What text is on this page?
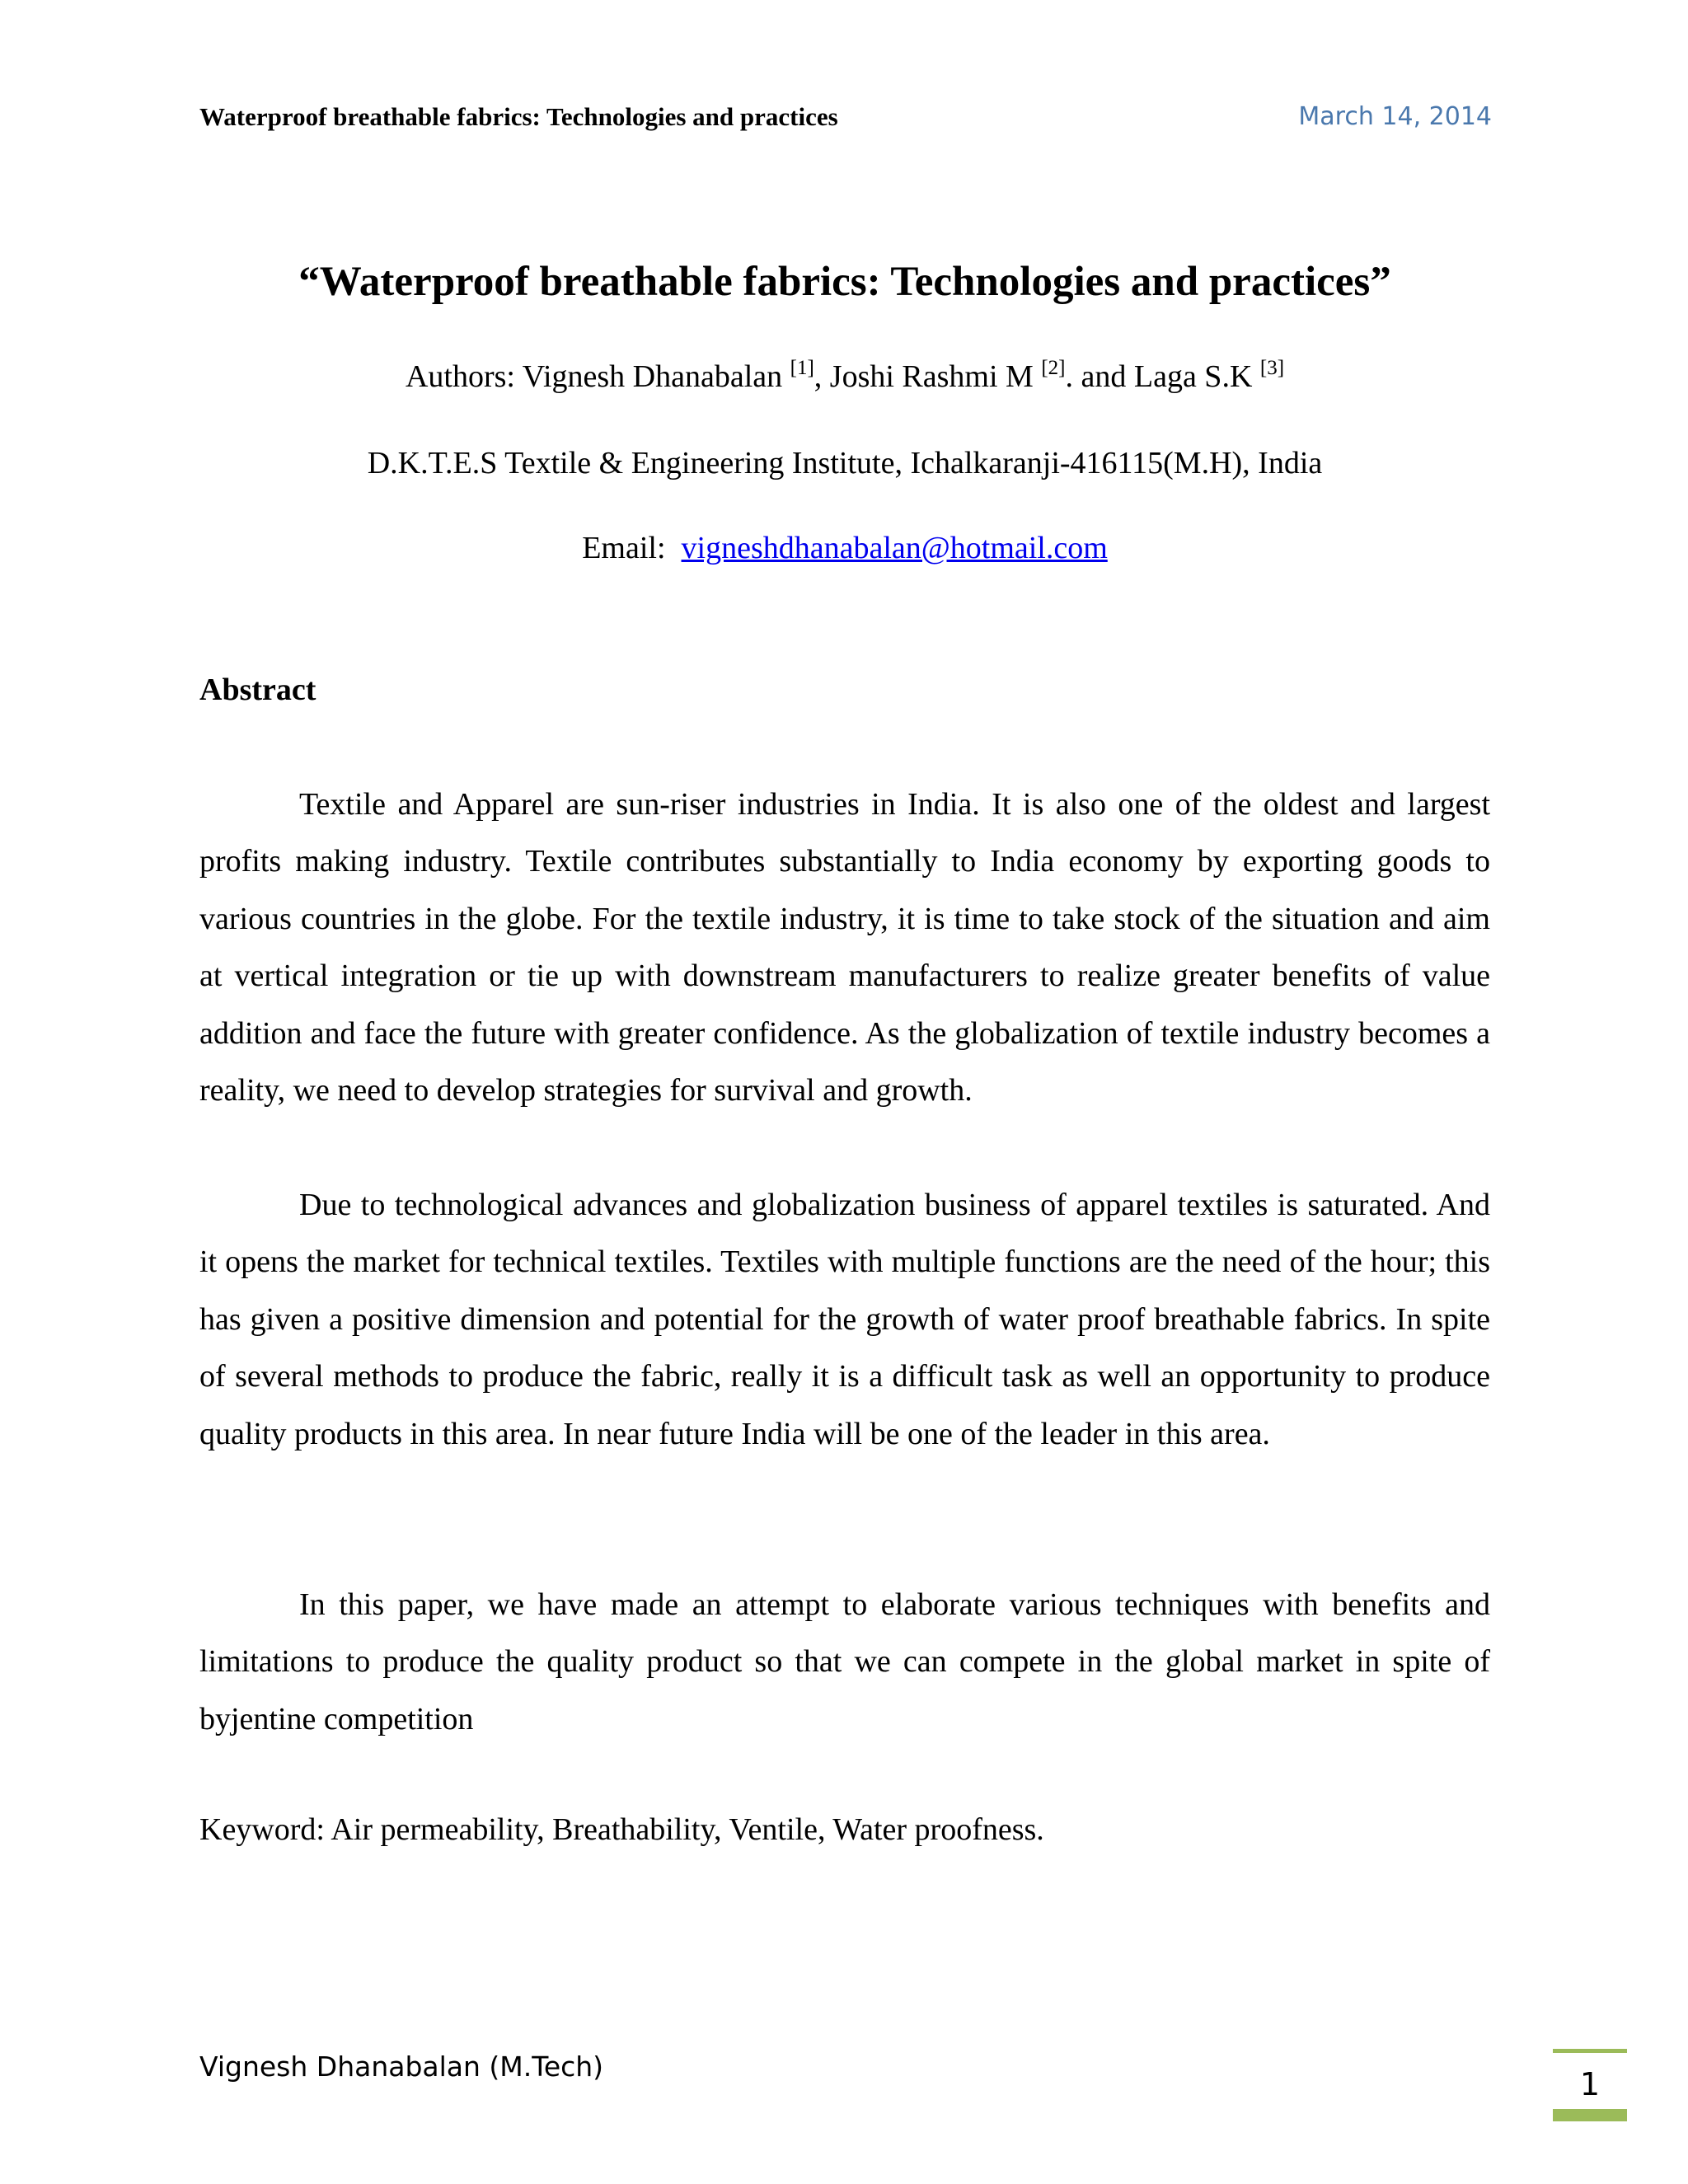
Waterproof breathable fabrics: Technologies and practices	March 14, 2014
“Waterproof breathable fabrics: Technologies and practices”
Authors: Vignesh Dhanabalan [1], Joshi Rashmi M [2]. and Laga S.K [3]
D.K.T.E.S Textile & Engineering Institute, Ichalkaranji-416115(M.H), India
Email: vigneshdhanabalan@hotmail.com
Abstract

Textile and Apparel are sun-riser industries in India. It is also one of the oldest and largest profits making industry. Textile contributes substantially to India economy by exporting goods to various countries in the globe. For the textile industry, it is time to take stock of the situation and aim at vertical integration or tie up with downstream manufacturers to realize greater benefits of value addition and face the future with greater confidence. As the globalization of textile industry becomes a reality, we need to develop strategies for survival and growth.

Due to technological advances and globalization business of apparel textiles is saturated. And it opens the market for technical textiles. Textiles with multiple functions are the need of the hour; this has given a positive dimension and potential for the growth of water proof breathable fabrics. In spite of several methods to produce the fabric, really it is a difficult task as well an opportunity to produce quality products in this area. In near future India will be one of the leader in this area.

In this paper, we have made an attempt to elaborate various techniques with benefits and limitations to produce the quality product so that we can compete in the global market in spite of byjentine competition

Keyword: Air permeability, Breathability, Ventile, Water proofness.

Vignesh Dhanabalan (M.Tech)	1
